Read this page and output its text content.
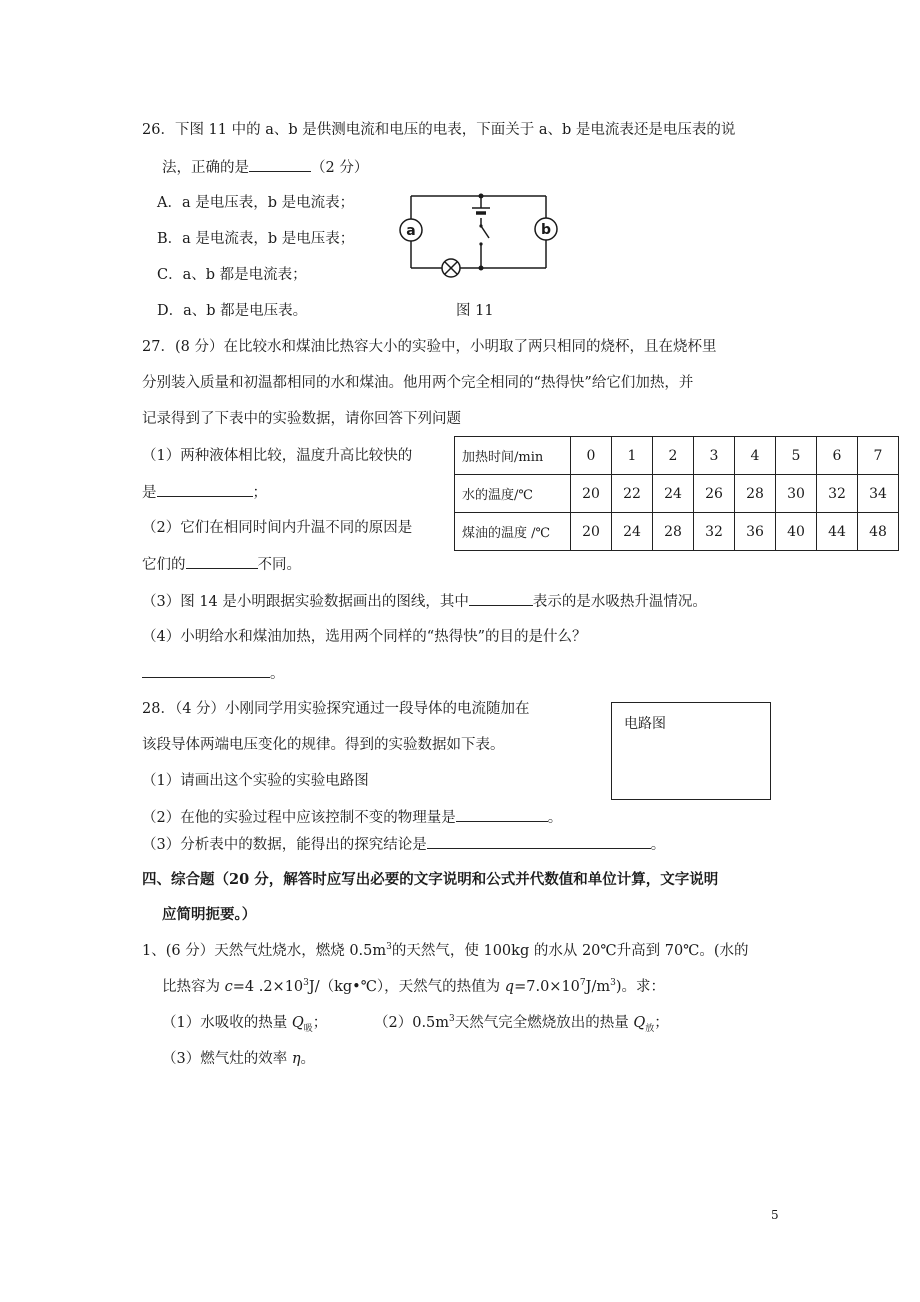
26．下图 11 中的 a、b 是供测电流和电压的电表，下面关于 a、b 是电流表还是电压表的说
法，正确的是	（2 分）
A．a 是电压表，b 是电流表；
B．a 是电流表，b 是电压表；
C．a、b 都是电流表；
D．a、b 都是电压表。
a	b
图 11
27．(8 分）在比较水和煤油比热容大小的实验中，小明取了两只相同的烧杯，且在烧杯里
分别装入质量和初温都相同的水和煤油。他用两个完全相同的“热得快”给它们加热，并
记录得到了下表中的实验数据，请你回答下列问题
（1）两种液体相比较，温度升高比较快的
是	；
（2）它们在相同时间内升温不同的原因是
它们的	不同。
（3）图 14 是小明跟据实验数据画出的图线，其中	表示的是水吸热升温情况。
（4）小明给水和煤油加热，选用两个同样的“热得快”的目的是什么？
。
加热时间/min	0	1	2	3	4	5	6	7
水的温度/℃	20	22	24	26	28	30	32	34
煤油的温度 /℃	20	24	28	32	36	40	44	48
28．（4 分）小刚同学用实验探究通过一段导体的电流随加在
该段导体两端电压变化的规律。得到的实验数据如下表。
（1）请画出这个实验的实验电路图
（2）在他的实验过程中应该控制不变的物理量是	。
（3）分析表中的数据，能得出的探究结论是	。
电路图
四、综合题（20 分，解答时应写出必要的文字说明和公式并代数值和单位计算，文字说明
应简明扼要。）
1、(6 分）天然气灶烧水，燃烧 $0.5m^3$的天然气，使 100kg 的水从 20℃升高到 70℃。(水的
比热容为 c=4 $.2\times 10^3J/(kg•℃)$，天然气的热值为 $q=7.0\times 10^7J/m^3$)。求：
（1）水吸收的热量 $Q_吸$；	$(2)0.5m^3$天然气完全燃烧放出的热量 $Q_放$；
（3）燃气灶的效率 η。
5
